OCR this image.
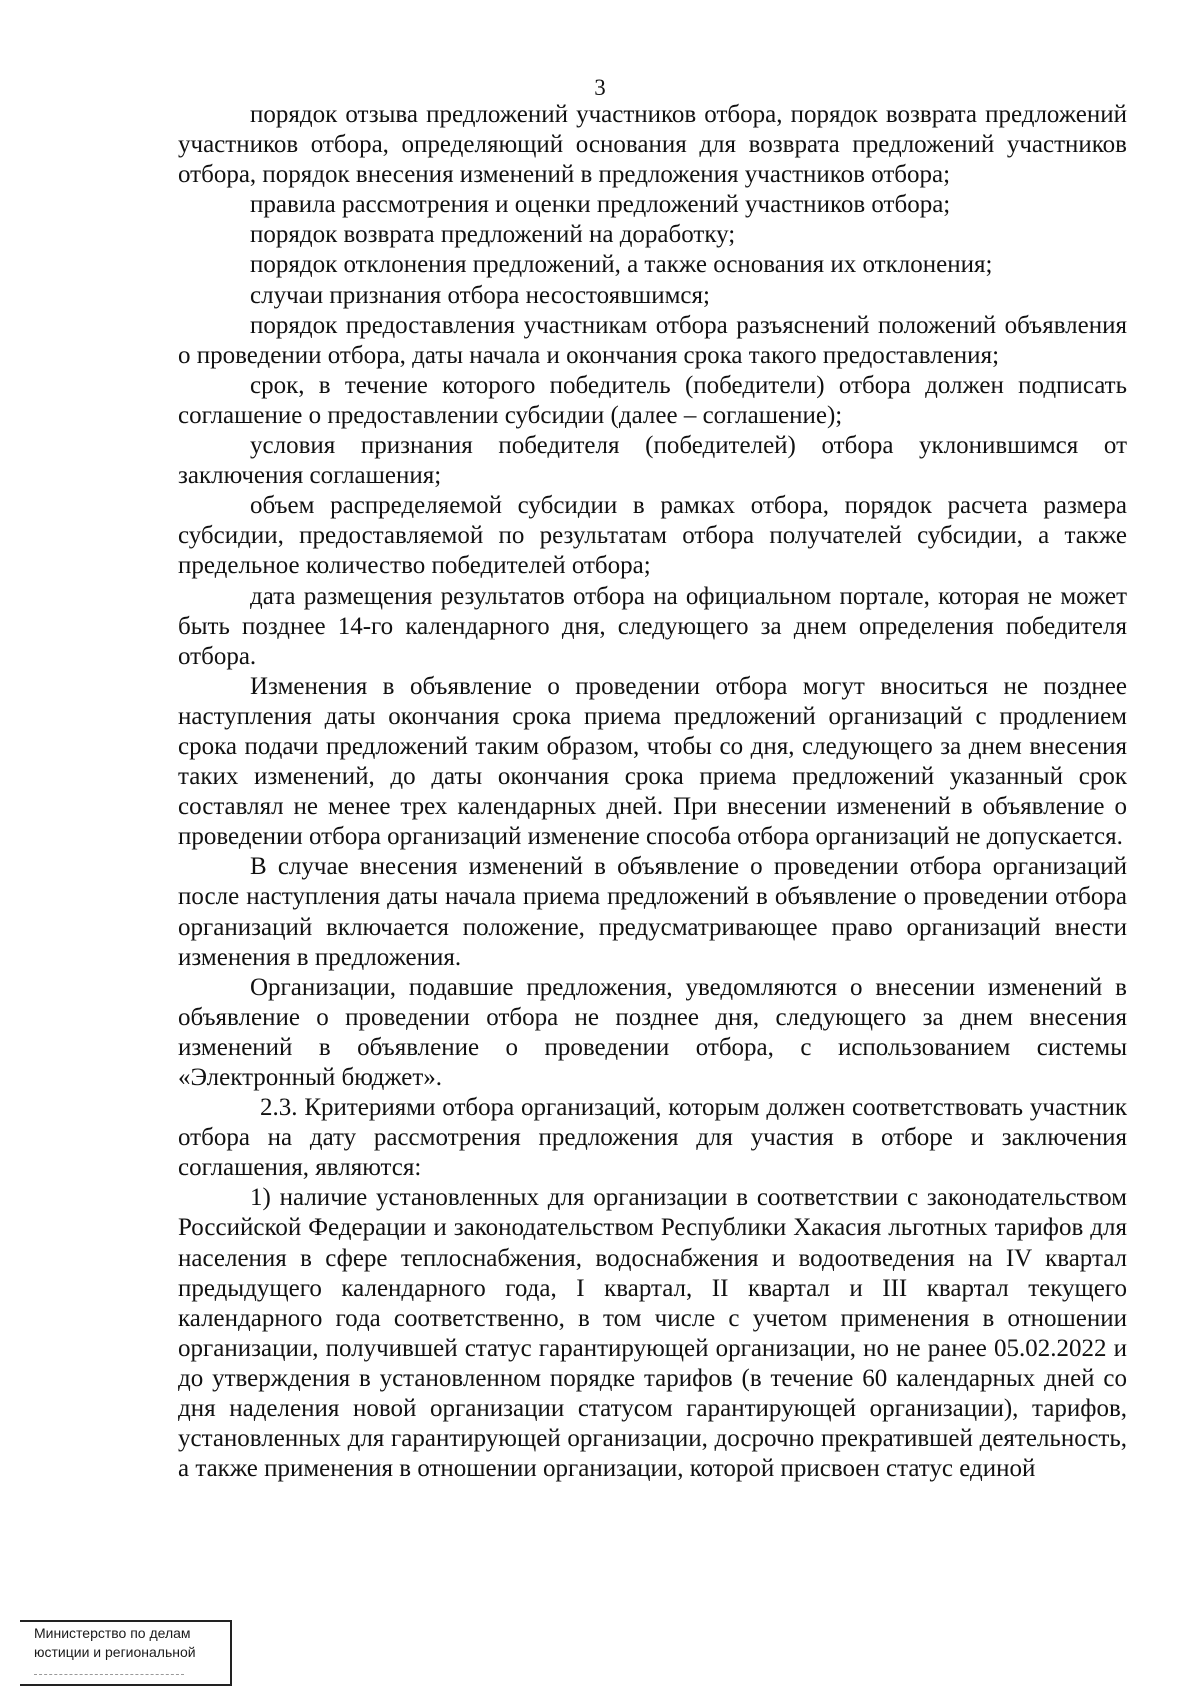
3

порядок отзыва предложений участников отбора, порядок возврата предложений участников отбора, определяющий основания для возврата предложений участников отбора, порядок внесения изменений в предложения участников отбора;

правила рассмотрения и оценки предложений участников отбора;

порядок возврата предложений на доработку;

порядок отклонения предложений, а также основания их отклонения;

случаи признания отбора несостоявшимся;

порядок предоставления участникам отбора разъяснений положений объявления о проведении отбора, даты начала и окончания срока такого предоставления;

срок, в течение которого победитель (победители) отбора должен подписать соглашение о предоставлении субсидии (далее – соглашение);

условия признания победителя (победителей) отбора уклонившимся от заключения соглашения;

объем распределяемой субсидии в рамках отбора, порядок расчета размера субсидии, предоставляемой по результатам отбора получателей субсидии, а также предельное количество победителей отбора;

дата размещения результатов отбора на официальном портале, которая не может быть позднее 14-го календарного дня, следующего за днем определения победителя отбора.

Изменения в объявление о проведении отбора могут вноситься не позднее наступления даты окончания срока приема предложений организаций с продлением срока подачи предложений таким образом, чтобы со дня, следующего за днем внесения таких изменений, до даты окончания срока приема предложений указанный срок составлял не менее трех календарных дней. При внесении изменений в объявление о проведении отбора организаций изменение способа отбора организаций не допускается.

В случае внесения изменений в объявление о проведении отбора организаций после наступления даты начала приема предложений в объявление о проведении отбора организаций включается положение, предусматривающее право организаций внести изменения в предложения.

Организации, подавшие предложения, уведомляются о внесении изменений в объявление о проведении отбора не позднее дня, следующего за днем внесения изменений в объявление о проведении отбора, с использованием системы «Электронный бюджет».

2.3. Критериями отбора организаций, которым должен соответствовать участник отбора на дату рассмотрения предложения для участия в отборе и заключения соглашения, являются:

1) наличие установленных для организации в соответствии с законодательством Российской Федерации и законодательством Республики Хакасия льготных тарифов для населения в сфере теплоснабжения, водоснабжения и водоотведения на IV квартал предыдущего календарного года, I квартал, II квартал и III квартал текущего календарного года соответственно, в том числе с учетом применения в отношении организации, получившей статус гарантирующей организации, но не ранее 05.02.2022 и до утверждения в установленном порядке тарифов (в течение 60 календарных дней со дня наделения новой организации статусом гарантирующей организации), тарифов, установленных для гарантирующей организации, досрочно прекратившей деятельность, а также применения в отношении организации, которой присвоен статус единой

Министерство по делам
юстиции и региональной
